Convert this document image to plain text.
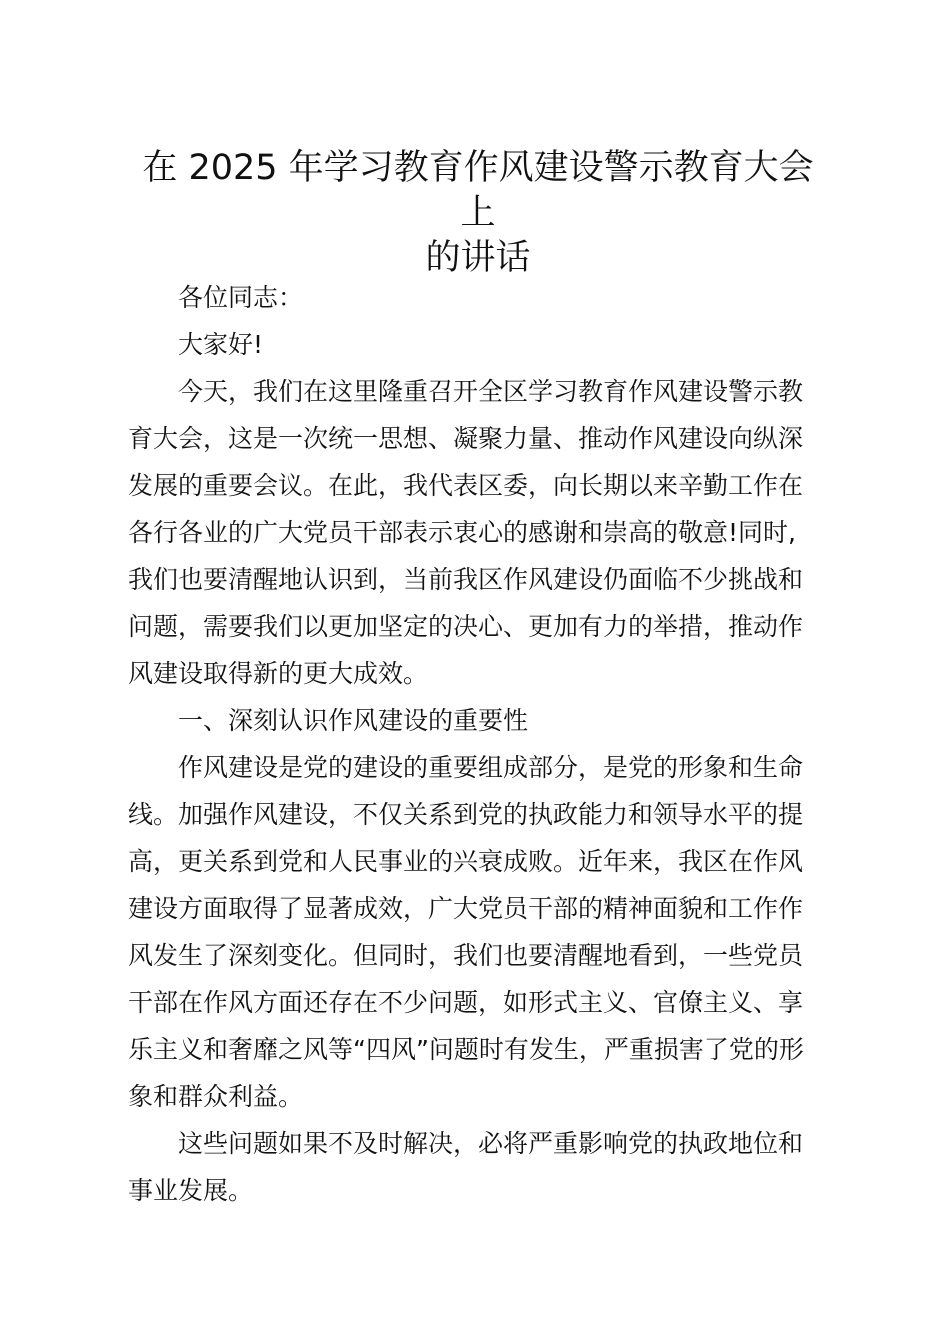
在 2025 年学习教育作风建设警示教育大会上
的讲话

各位同志：

大家好!

今天，我们在这里隆重召开全区学习教育作风建设警示教

育大会，这是一次统一思想、凝聚力量、推动作风建设向纵深

发展的重要会议。在此，我代表区委，向长期以来辛勤工作在

各行各业的广大党员干部表示衷心的感谢和崇高的敬意!同时,

我们也要清醒地认识到，当前我区作风建设仍面临不少挑战和

问题，需要我们以更加坚定的决心、更加有力的举措，推动作

风建设取得新的更大成效。

一、深刻认识作风建设的重要性

作风建设是党的建设的重要组成部分，是党的形象和生命

线。加强作风建设，不仅关系到党的执政能力和领导水平的提

高，更关系到党和人民事业的兴衰成败。近年来，我区在作风

建设方面取得了显著成效，广大党员干部的精神面貌和工作作

风发生了深刻变化。但同时，我们也要清醒地看到，一些党员

干部在作风方面还存在不少问题，如形式主义、官僚主义、享

乐主义和奢靡之风等“四风”问题时有发生，严重损害了党的形

象和群众利益。

这些问题如果不及时解决，必将严重影响党的执政地位和

事业发展。
